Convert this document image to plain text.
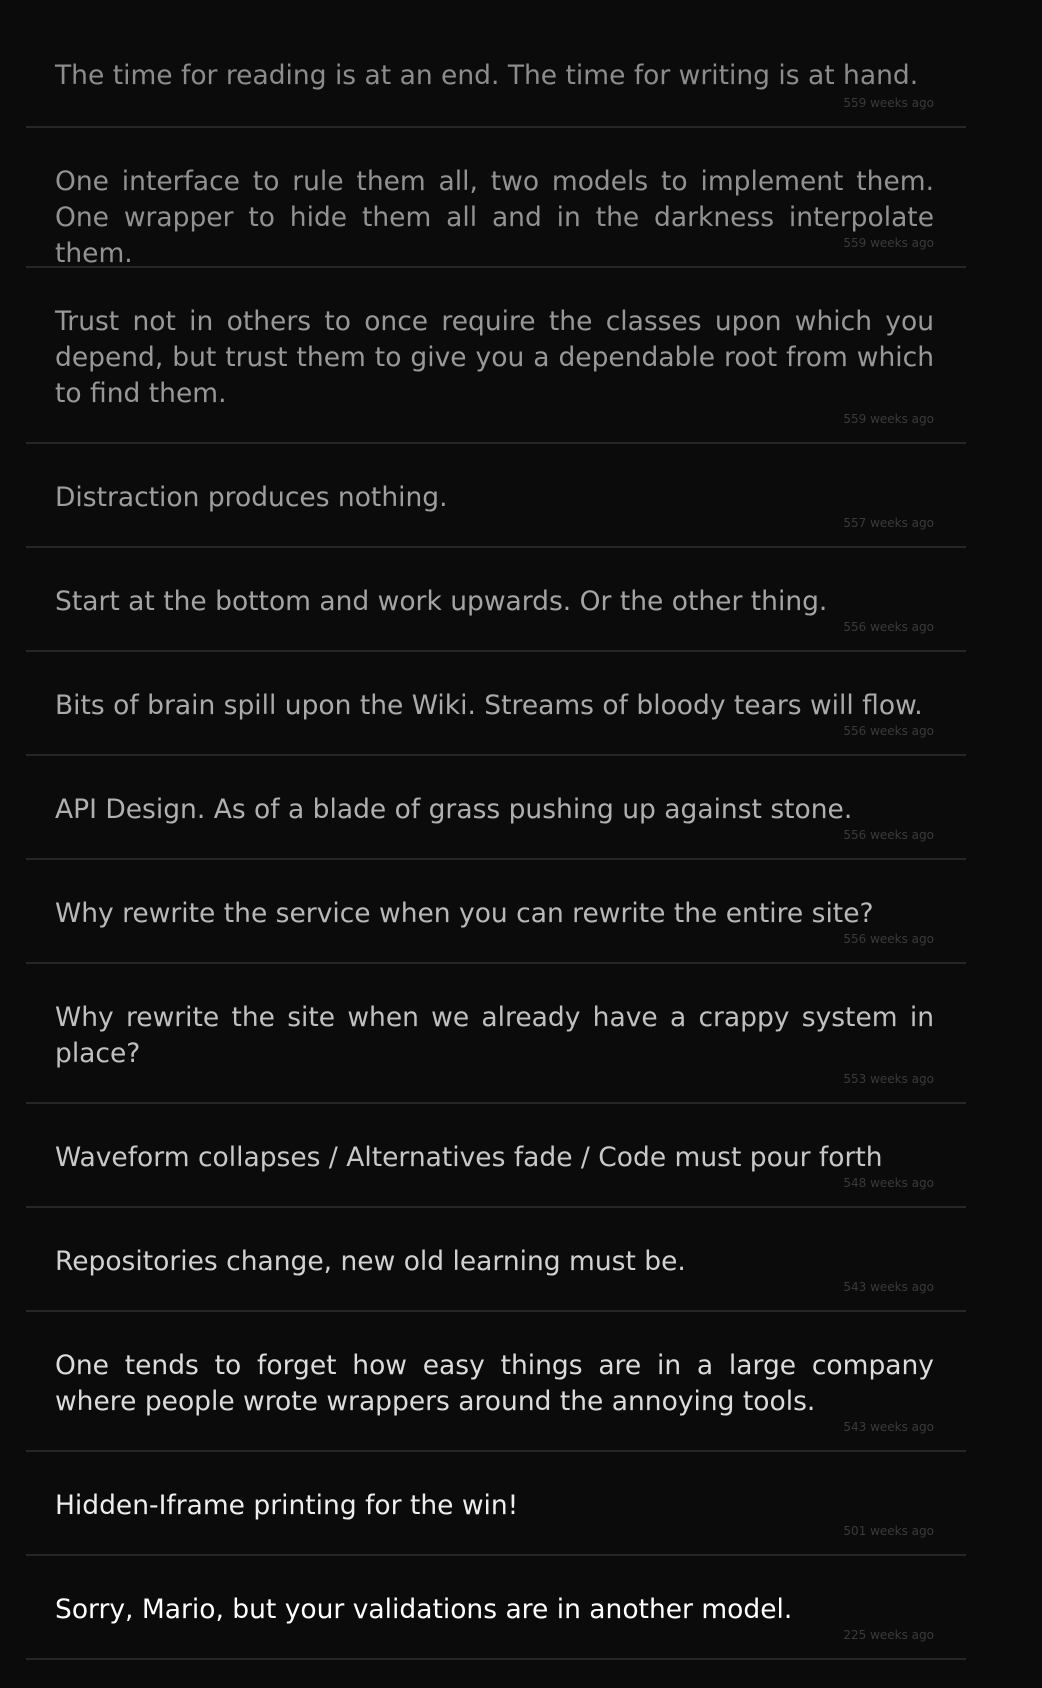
The time for reading is at an end. The time for writing is at hand.

559 weeks ago

One interface to rule them all, two models to implement them. One wrapper to hide them all and in the darkness interpolate them.	559 weeks ago

Trust not in others to once require the classes upon which you depend, but trust them to give you a dependable root from which to find them.

559 weeks ago

Distraction produces nothing.

557 weeks ago

Start at the bottom and work upwards. Or the other thing.

556 weeks ago

Bits of brain spill upon the Wiki. Streams of bloody tears will flow.

556 weeks ago

API Design. As of a blade of grass pushing up against stone.

556 weeks ago

Why rewrite the service when you can rewrite the entire site?

556 weeks ago

Why rewrite the site when we already have a crappy system in place?

553 weeks ago

Waveform collapses / Alternatives fade / Code must pour forth

548 weeks ago

Repositories change, new old learning must be.

543 weeks ago

One tends to forget how easy things are in a large company where people wrote wrappers around the annoying tools.

543 weeks ago

Hidden-Iframe printing for the win!

501 weeks ago

Sorry, Mario, but your validations are in another model.

225 weeks ago
